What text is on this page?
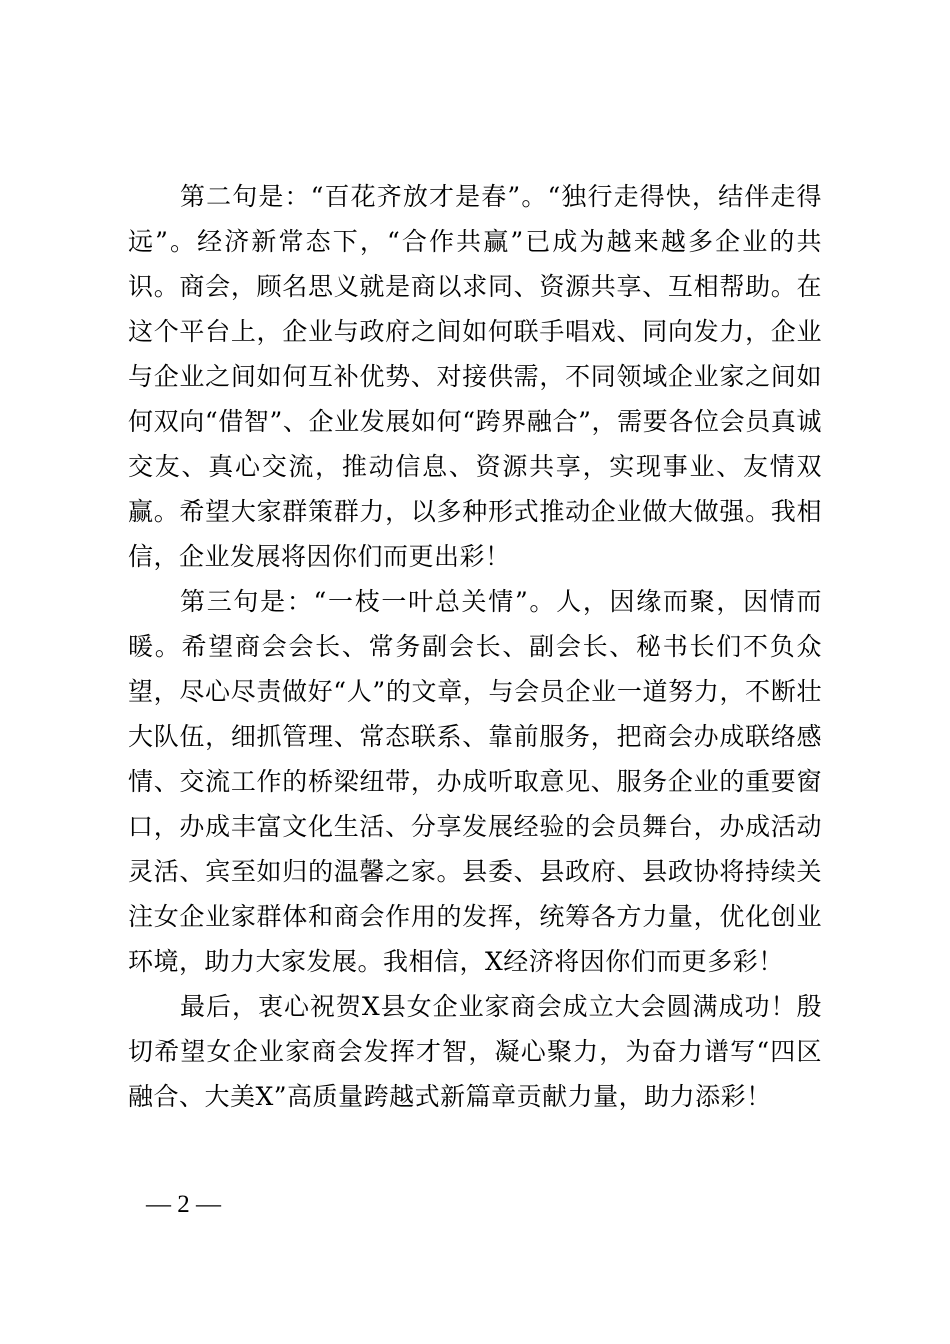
第二句是：“百花齐放才是春”。“独行走得快，结伴走得远”。经济新常态下，“合作共赢”已成为越来越多企业的共识。商会，顾名思义就是商以求同、资源共享、互相帮助。在这个平台上，企业与政府之间如何联手唱戏、同向发力，企业与企业之间如何互补优势、对接供需，不同领域企业家之间如何双向“借智”、企业发展如何“跨界融合”，需要各位会员真诚交友、真心交流，推动信息、资源共享，实现事业、友情双赢。希望大家群策群力，以多种形式推动企业做大做强。我相信，企业发展将因你们而更出彩！

第三句是：“一枝一叶总关情”。人，因缘而聚，因情而暖。希望商会会长、常务副会长、副会长、秘书长们不负众望，尽心尽责做好“人”的文章，与会员企业一道努力，不断壮大队伍，细抓管理、常态联系、靠前服务，把商会办成联络感情、交流工作的桥梁纽带，办成听取意见、服务企业的重要窗口，办成丰富文化生活、分享发展经验的会员舞台，办成活动灵活、宾至如归的温馨之家。县委、县政府、县政协将持续关注女企业家群体和商会作用的发挥，统筹各方力量，优化创业环境，助力大家发展。我相信，X经济将因你们而更多彩！

最后，衷心祝贺X县女企业家商会成立大会圆满成功！殷切希望女企业家商会发挥才智，凝心聚力，为奋力谱写“四区融合、大美X”高质量跨越式新篇章贡献力量，助力添彩！

— 2 —
